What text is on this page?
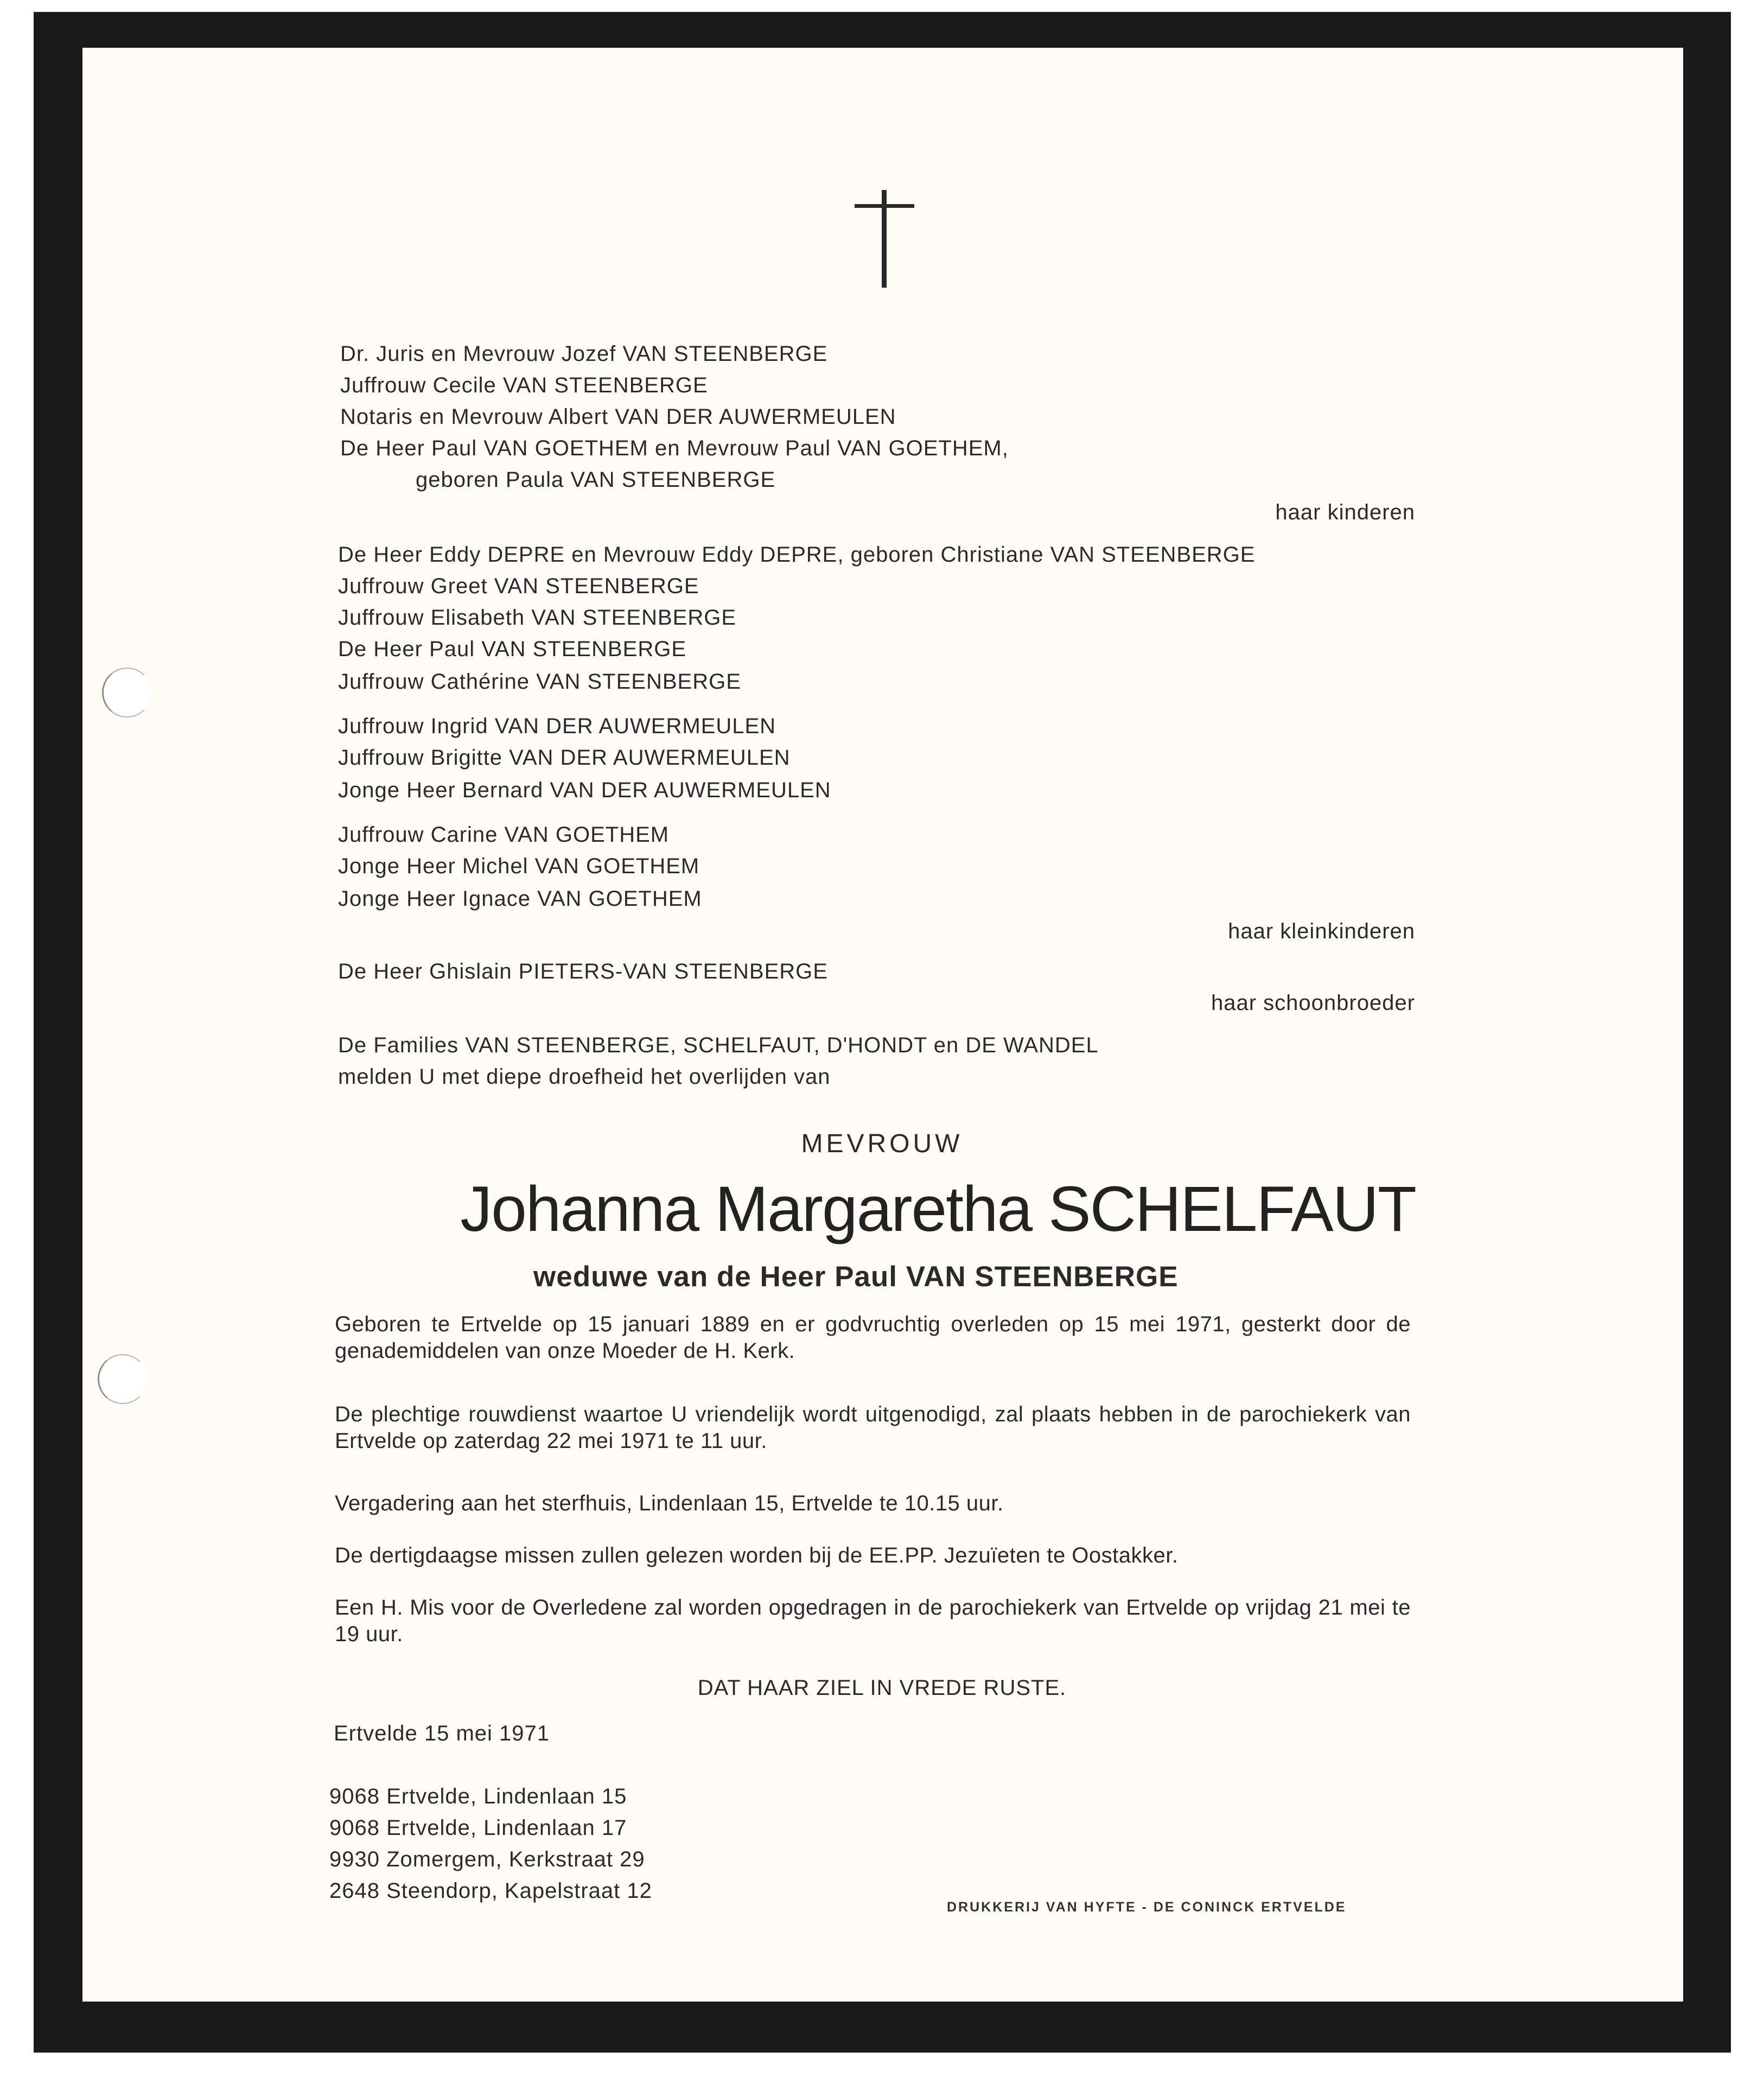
Dr. Juris en Mevrouw Jozef VAN STEENBERGE
Juffrouw Cecile VAN STEENBERGE
Notaris en Mevrouw Albert VAN DER AUWERMEULEN
De Heer Paul VAN GOETHEM en Mevrouw Paul VAN GOETHEM,
geboren Paula VAN STEENBERGE
haar kinderen
De Heer Eddy DEPRE en Mevrouw Eddy DEPRE, geboren Christiane VAN STEENBERGE
Juffrouw Greet VAN STEENBERGE
Juffrouw Elisabeth VAN STEENBERGE
De Heer Paul VAN STEENBERGE
Juffrouw Cathérine VAN STEENBERGE
Juffrouw Ingrid VAN DER AUWERMEULEN
Juffrouw Brigitte VAN DER AUWERMEULEN
Jonge Heer Bernard VAN DER AUWERMEULEN
Juffrouw Carine VAN GOETHEM
Jonge Heer Michel VAN GOETHEM
Jonge Heer Ignace VAN GOETHEM
haar kleinkinderen
De Heer Ghislain PIETERS-VAN STEENBERGE
haar schoonbroeder
De Families VAN STEENBERGE, SCHELFAUT, D'HONDT en DE WANDEL
melden U met diepe droefheid het overlijden van
MEVROUW
Johanna Margaretha SCHELFAUT
weduwe van de Heer Paul VAN STEENBERGE
Geboren te Ertvelde op 15 januari 1889 en er godvruchtig overleden op 15 mei 1971, gesterkt door de genademiddelen van onze Moeder de H. Kerk.
De plechtige rouwdienst waartoe U vriendelijk wordt uitgenodigd, zal plaats hebben in de parochiekerk van Ertvelde op zaterdag 22 mei 1971 te 11 uur.
Vergadering aan het sterfhuis, Lindenlaan 15, Ertvelde te 10.15 uur.
De dertigdaagse missen zullen gelezen worden bij de EE.PP. Jezuïeten te Oostakker.
Een H. Mis voor de Overledene zal worden opgedragen in de parochiekerk van Ertvelde op vrijdag 21 mei te 19 uur.
DAT HAAR ZIEL IN VREDE RUSTE.
Ertvelde 15 mei 1971
9068 Ertvelde, Lindenlaan 15
9068 Ertvelde, Lindenlaan 17
9930 Zomergem, Kerkstraat 29
2648 Steendorp, Kapelstraat 12
DRUKKERIJ VAN HYFTE - DE CONINCK ERTVELDE
